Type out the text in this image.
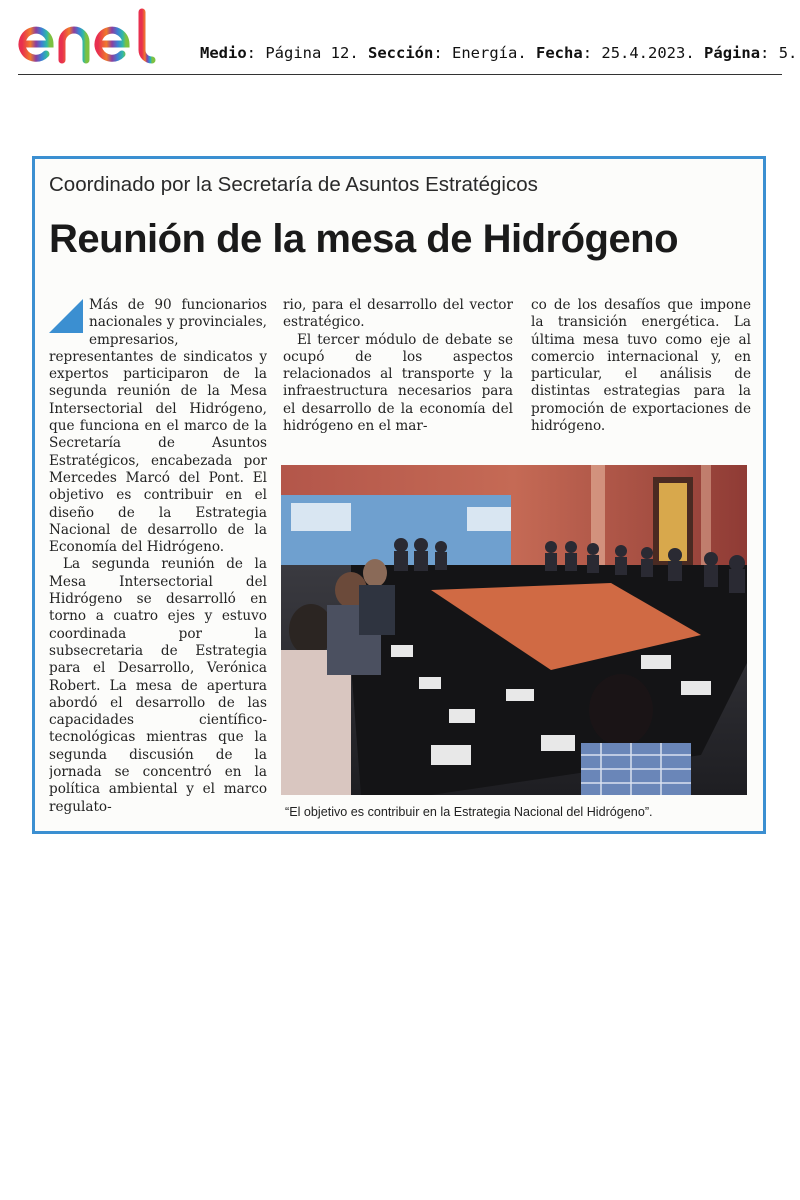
Medio: Página 12. Sección: Energía. Fecha: 25.4.2023. Página: 5.
Coordinado por la Secretaría de Asuntos Estratégicos
Reunión de la mesa de Hidrógeno

Más de 90 funcionarios nacionales y provinciales, empresarios, representantes de sindicatos y expertos participaron de la segunda reunión de la Mesa Intersectorial del Hidrógeno, que funciona en el marco de la Secretaría de Asuntos Estratégicos, encabezada por Mercedes Marcó del Pont. El objetivo es contribuir en el diseño de la Estrategia Nacional de desarrollo de la Economía del Hidrógeno.

La segunda reunión de la Mesa Intersectorial del Hidrógeno se desarrolló en torno a cuatro ejes y estuvo coordinada por la subsecretaria de Estrategia para el Desarrollo, Verónica Robert. La mesa de apertura abordó el desarrollo de las capacidades científico-tecnológicas mientras que la segunda discusión de la jornada se concentró en la política ambiental y el marco regulato-

rio, para el desarrollo del vector estratégico.

El tercer módulo de debate se ocupó de los aspectos relacionados al transporte y la infraestructura necesarios para el desarrollo de la economía del hidrógeno en el mar-

co de los desafíos que impone la transición energética. La última mesa tuvo como eje al comercio internacional y, en particular, el análisis de distintas estrategias para la promoción de exportaciones de hidrógeno.

“El objetivo es contribuir en la Estrategia Nacional del Hidrógeno”.
